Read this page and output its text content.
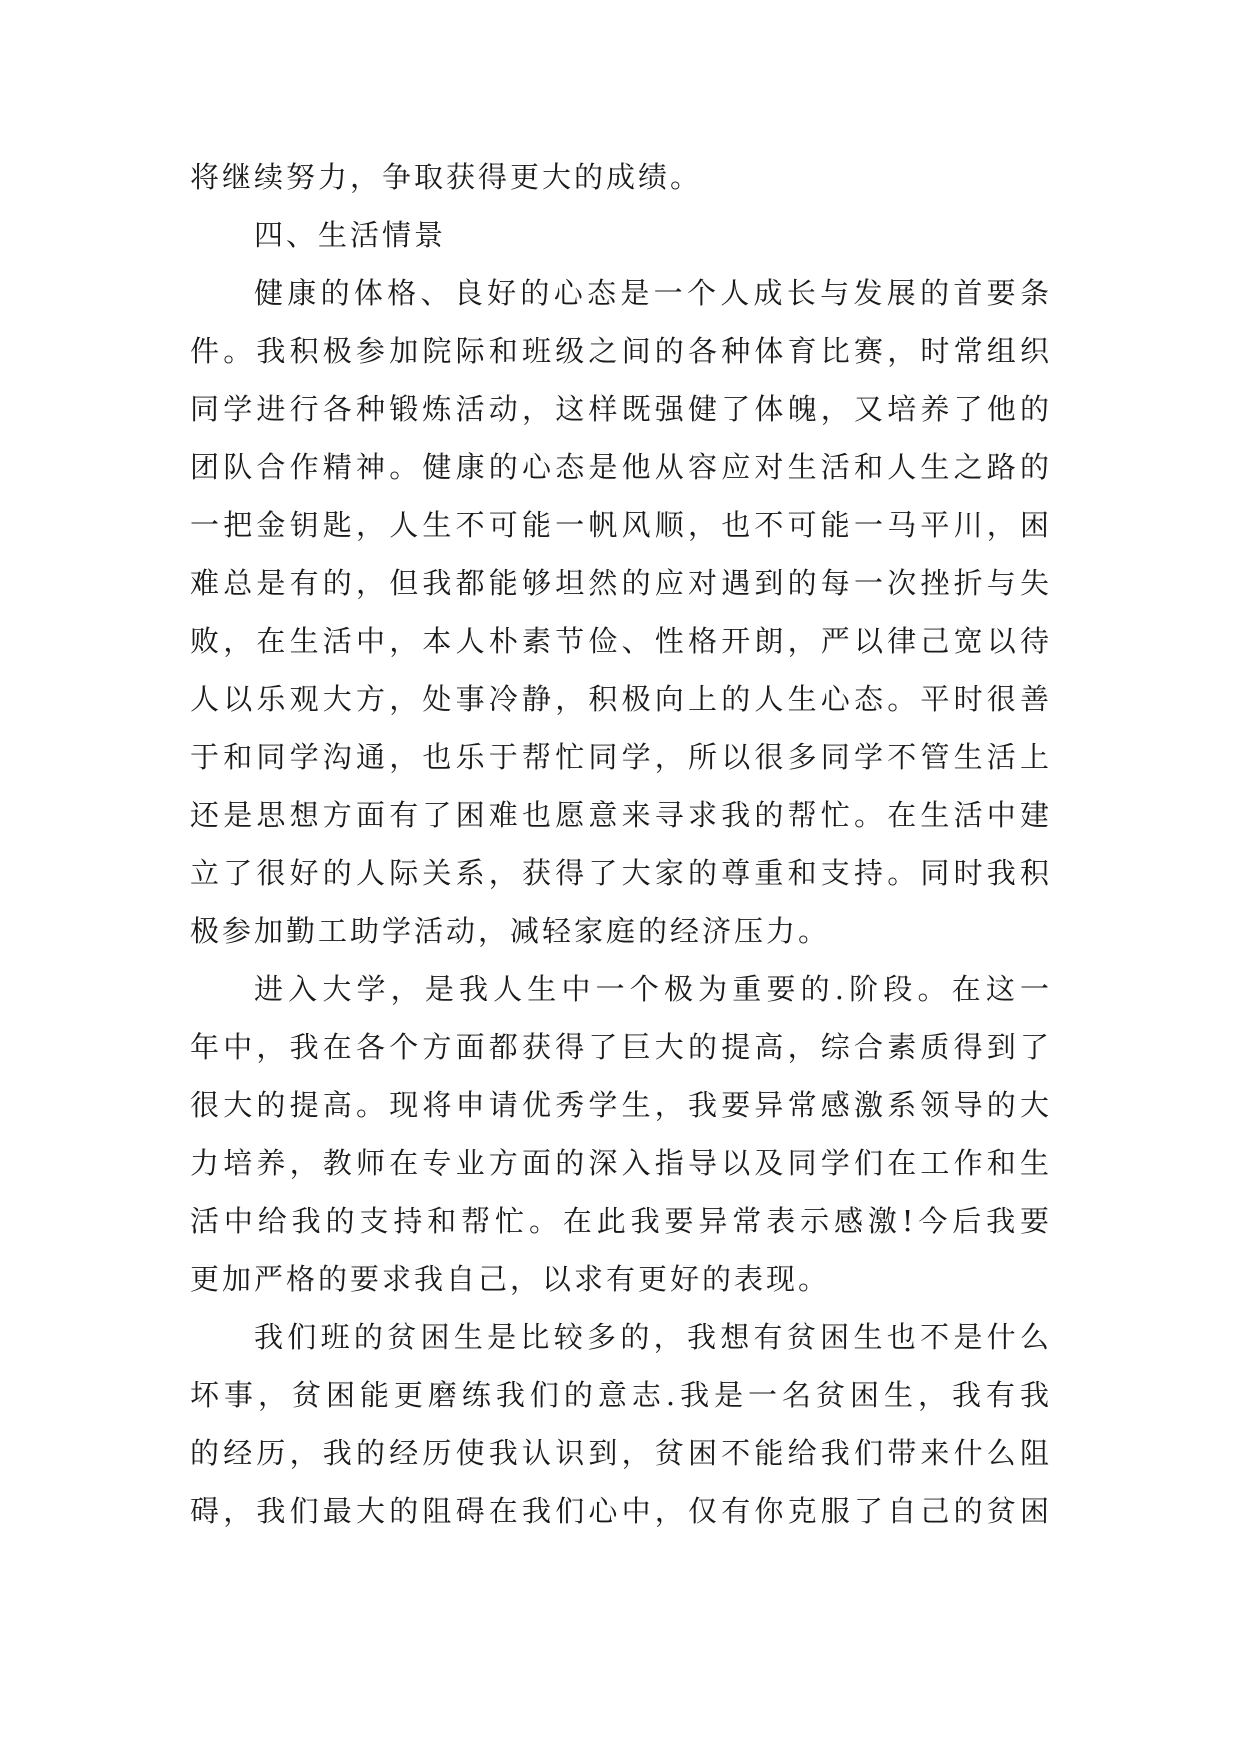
将继续努力，争取获得更大的成绩。
四、生活情景
健康的体格、良好的心态是一个人成长与发展的首要条
件。我积极参加院际和班级之间的各种体育比赛，时常组织
同学进行各种锻炼活动，这样既强健了体魄，又培养了他的
团队合作精神。健康的心态是他从容应对生活和人生之路的
一把金钥匙，人生不可能一帆风顺，也不可能一马平川，困
难总是有的，但我都能够坦然的应对遇到的每一次挫折与失
败，在生活中，本人朴素节俭、性格开朗，严以律己宽以待
人以乐观大方，处事冷静，积极向上的人生心态。平时很善
于和同学沟通，也乐于帮忙同学，所以很多同学不管生活上
还是思想方面有了困难也愿意来寻求我的帮忙。在生活中建
立了很好的人际关系，获得了大家的尊重和支持。同时我积
极参加勤工助学活动，减轻家庭的经济压力。
进入大学，是我人生中一个极为重要的.阶段。在这一
年中，我在各个方面都获得了巨大的提高，综合素质得到了
很大的提高。现将申请优秀学生，我要异常感激系领导的大
力培养，教师在专业方面的深入指导以及同学们在工作和生
活中给我的支持和帮忙。在此我要异常表示感激!今后我要
更加严格的要求我自己，以求有更好的表现。
我们班的贫困生是比较多的，我想有贫困生也不是什么
坏事，贫困能更磨练我们的意志.我是一名贫困生，我有我
的经历，我的经历使我认识到，贫困不能给我们带来什么阻
碍，我们最大的阻碍在我们心中，仅有你克服了自己的贫困
